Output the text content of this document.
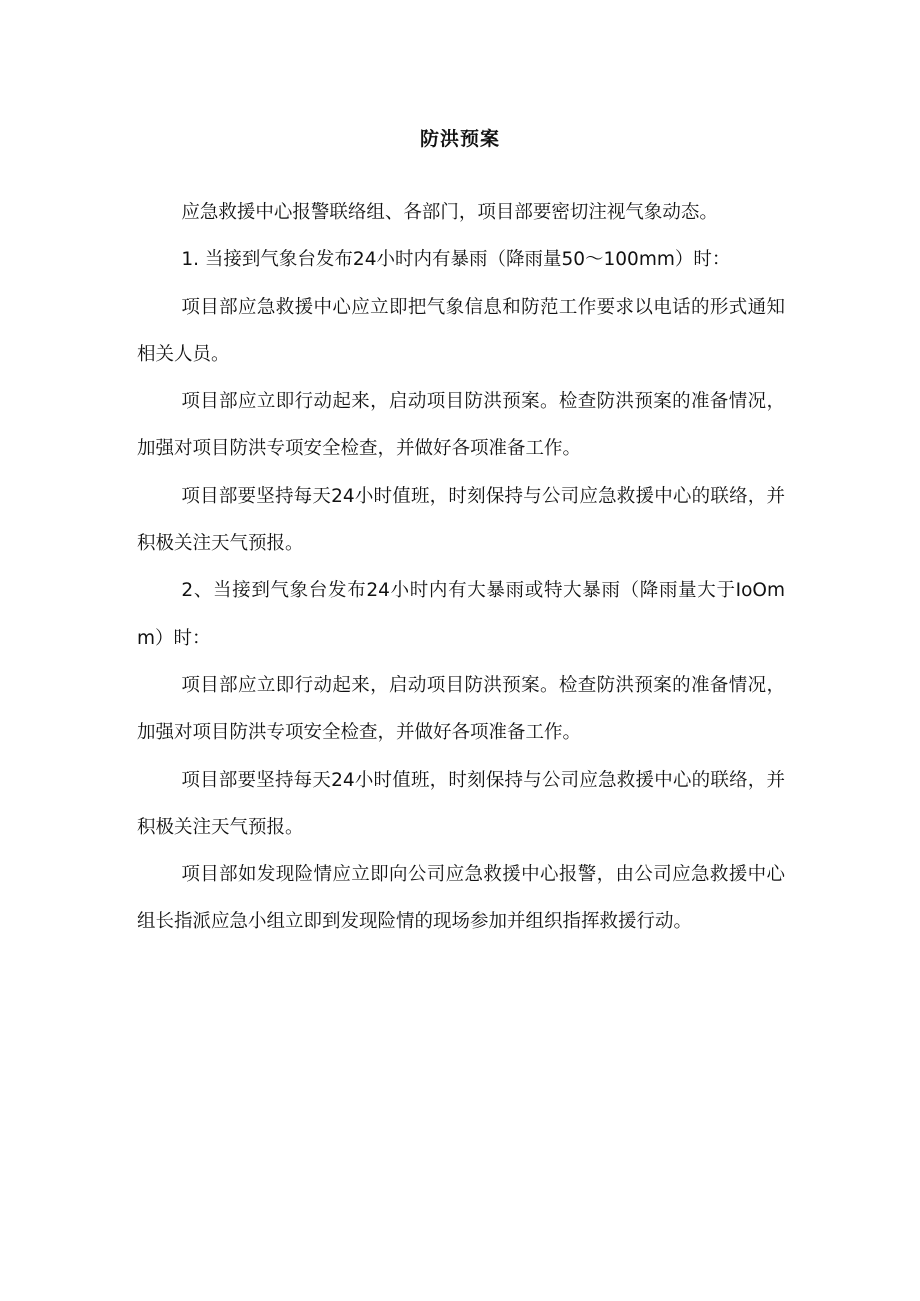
防洪预案

应急救援中心报警联络组、各部门，项目部要密切注视气象动态。

1. 当接到气象台发布24小时内有暴雨（降雨量50～100mm）时：

项目部应急救援中心应立即把气象信息和防范工作要求以电话的形式通知相关人员。

项目部应立即行动起来，启动项目防洪预案。检查防洪预案的准备情况，加强对项目防洪专项安全检查，并做好各项准备工作。

项目部要坚持每天24小时值班，时刻保持与公司应急救援中心的联络，并积极关注天气预报。

2、当接到气象台发布24小时内有大暴雨或特大暴雨（降雨量大于IoOmm）时：

项目部应立即行动起来，启动项目防洪预案。检查防洪预案的准备情况，加强对项目防洪专项安全检查，并做好各项准备工作。

项目部要坚持每天24小时值班，时刻保持与公司应急救援中心的联络，并积极关注天气预报。

项目部如发现险情应立即向公司应急救援中心报警，由公司应急救援中心组长指派应急小组立即到发现险情的现场参加并组织指挥救援行动。
